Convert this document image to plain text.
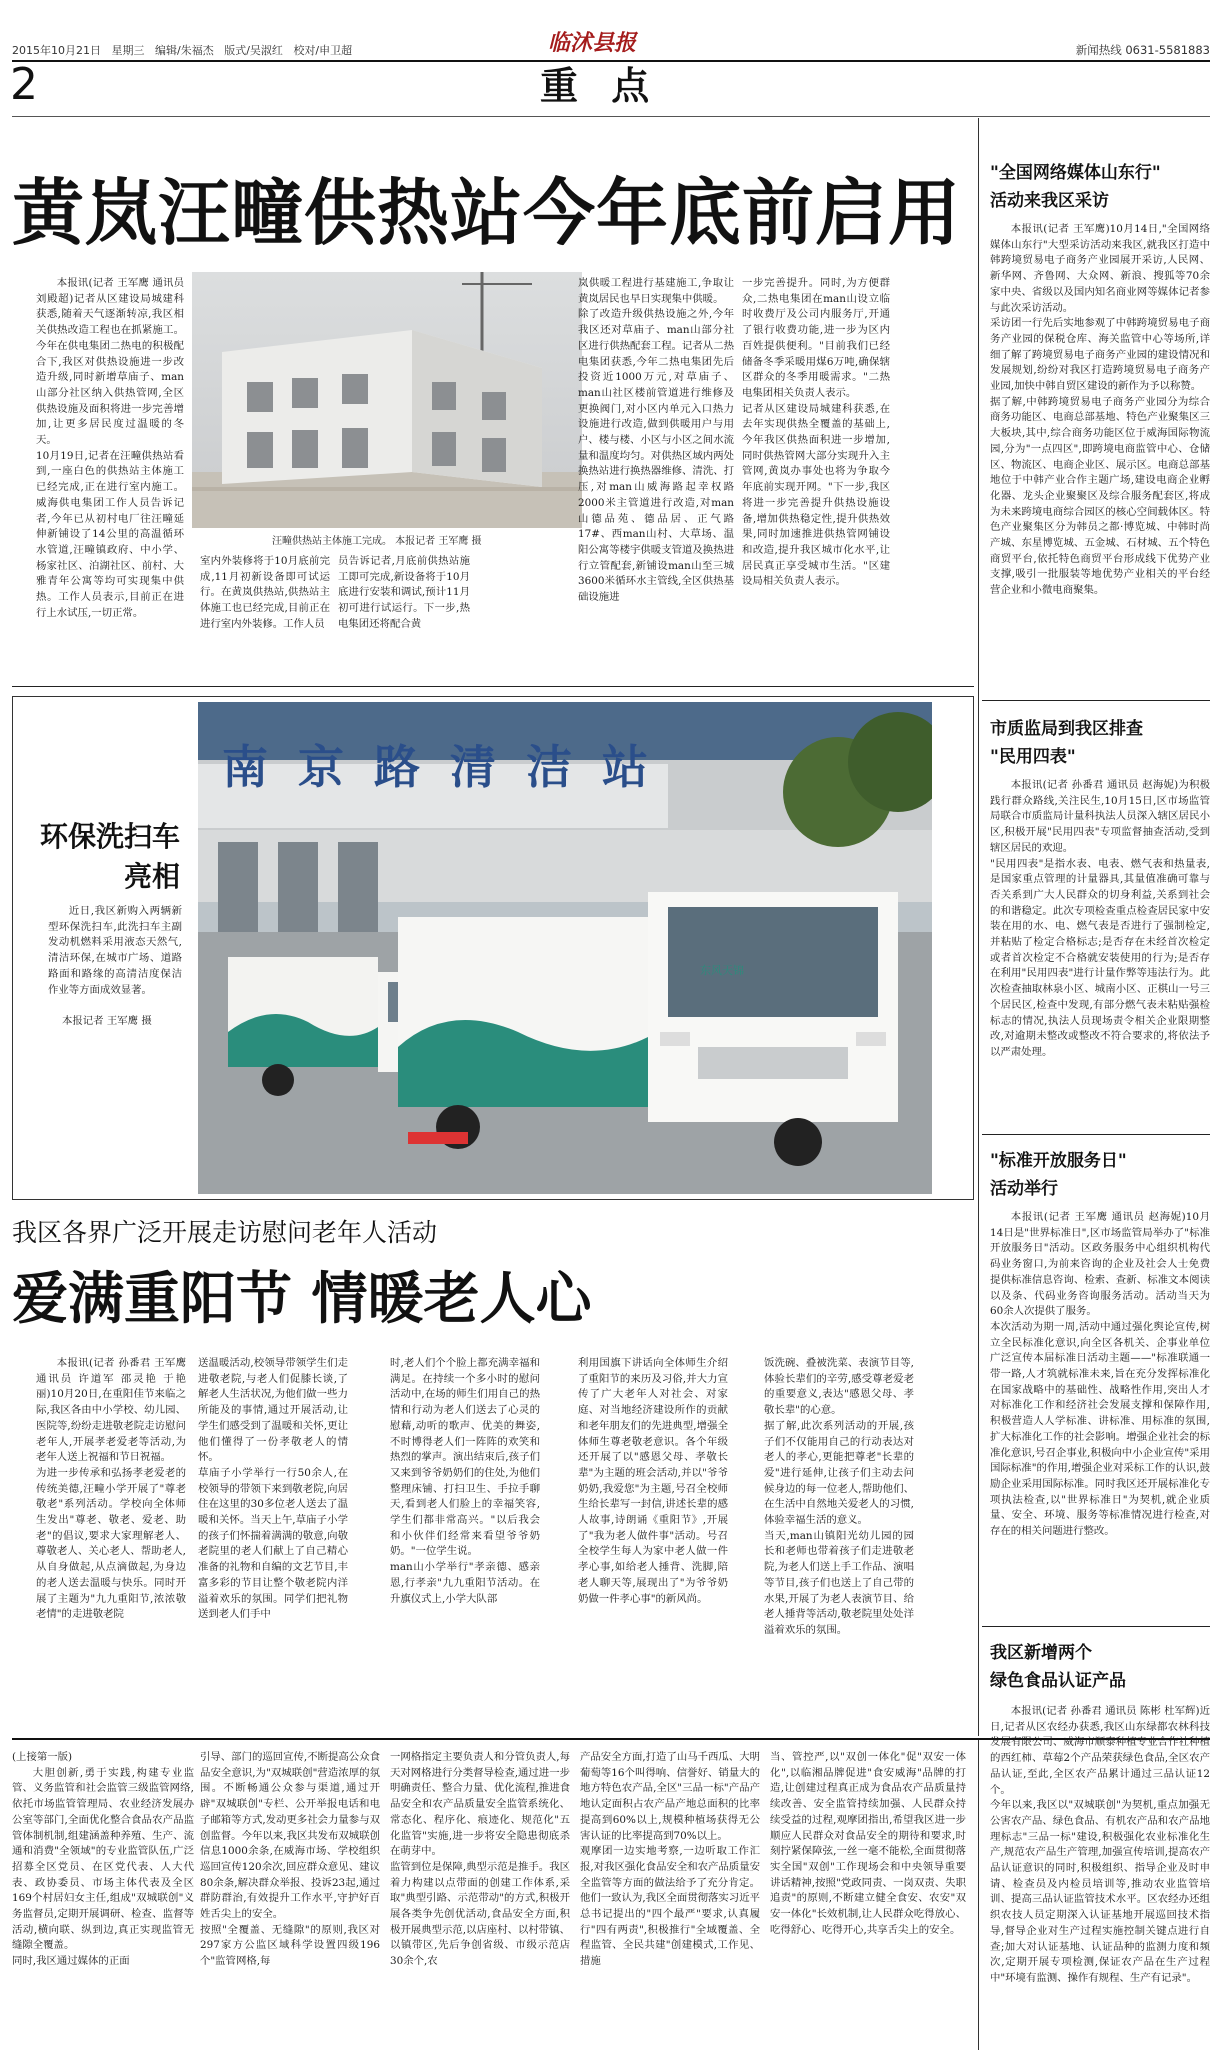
2015年10月21日 星期三 编辑/朱福杰 版式/吴淑红 校对/申卫超	临沭县报	新闻热线 0631-5581883
2	重 点
黄岚汪疃供热站今年底前启用

本报讯(记者 王军鹰 通讯员 刘殿超)记者从区建设局城建科获悉,随着天气逐渐转凉,我区相关供热改造工程也在抓紧施工。今年在供电集团二热电的积极配合下,我区对供热设施进一步改造升级,同时新增草庙子、man山部分社区纳入供热管网,全区供热设施及面积将进一步完善增加,让更多居民度过温暖的冬天。
10月19日,记者在汪疃供热站看到,一座白色的供热站主体施工已经完成,正在进行室内施工。威海供电集团工作人员告诉记者,今年已从初村电厂往汪疃延伸新铺设了14公里的高温循环水管道,汪疃镇政府、中小学、杨家社区、泊湖社区、前村、大雅青年公寓等均可实现集中供热。工作人员表示,目前正在进行上水试压,一切正常。

汪疃供热站主体施工完成。 本报记者 王军鹰 摄

室内外装修将于10月底前完成,11月初新设备即可试运行。在黄岚供热站,供热站主体施工也已经完成,目前正在进行室内外装修。工作人员

员告诉记者,月底前供热站施工即可完成,新设备将于10月底进行安装和调试,预计11月初可进行试运行。下一步,热电集团还将配合黄

岚供暖工程进行基建施工,争取让黄岚居民也早日实现集中供暖。
除了改造升级供热设施之外,今年我区还对草庙子、man山部分社区进行供热配套工程。记者从二热电集团获悉,今年二热电集团先后投资近1000万元,对草庙子、man山社区楼前管道进行维修及更换阀门,对小区内单元入口热力设施进行改造,做到供暖用户与用户、楼与楼、小区与小区之间水流量和温度均匀。对供热区域内两处换热站进行换热器维修、清洗、打压,对man山威海路起幸权路2000米主管道进行改造,对man山德品苑、德品居、正气路17#、西man山村、大草场、温阳公寓等楼宇供暖支管道及换热进行立管配套,新铺设man山至三城3600米循环水主管线,全区供热基础设施进

一步完善提升。同时,为方便群众,二热电集团在man山设立临时收费厅及公司内服务厅,开通了银行收费功能,进一步为区内百姓提供便利。"目前我们已经储备冬季采暖用煤6万吨,确保辖区群众的冬季用暖需求。"二热电集团相关负责人表示。
记者从区建设局城建科获悉,在去年实现供热全覆盖的基础上,今年我区供热面积进一步增加,同时供热管网大部分实现升入主管网,黄岚办事处也将为争取今年底前实现开网。"下一步,我区将进一步完善提升供热设施设备,增加供热稳定性,提升供热效果,同时加速推进供热管网铺设和改造,提升我区城市化水平,让居民真正享受城市生活。"区建设局相关负责人表示。

南京路清洁站
东风天锦
环保洗扫车
亮相

近日,我区新购入两辆新型环保洗扫车,此洗扫车主副发动机燃料采用液态天然气,清洁环保,在城市广场、道路路面和路缘的高清洁度保洁作业等方面成效显著。

本报记者 王军鹰 摄
我区各界广泛开展走访慰问老年人活动
爱满重阳节 情暖老人心

本报讯(记者 孙番君 王军鹰 通讯员 许道军 邵灵艳 于艳丽)10月20日,在重阳佳节来临之际,我区各由中小学校、幼儿园、医院等,纷纷走进敬老院走访慰问老年人,开展孝老爱老等活动,为老年人送上祝福和节日祝福。
为进一步传承和弘扬孝老爱老的传统美德,汪疃小学开展了"尊老敬老"系列活动。学校向全体师生发出"尊老、敬老、爱老、助老"的倡议,要求大家理解老人、尊敬老人、关心老人、帮助老人,从自身做起,从点滴做起,为身边的老人送去温暖与快乐。同时开展了主题为"九九重阳节,浓浓敬老情"的走进敬老院

送温暖活动,校领导带领学生们走进敬老院,与老人们促膝长谈,了解老人生活状况,为他们做一些力所能及的事情,通过开展活动,让学生们感受到了温暖和关怀,更让他们懂得了一份孝敬老人的情怀。
草庙子小学举行一行50余人,在校领导的带领下来到敬老院,向居住在这里的30多位老人送去了温暖和关怀。当天上午,草庙子小学的孩子们怀揣着满满的敬意,向敬老院里的老人们献上了自己精心准备的礼物和自编的文艺节目,丰富多彩的节目让整个敬老院内洋溢着欢乐的氛围。同学们把礼物送到老人们手中

时,老人们个个脸上都充满幸福和满足。在持续一个多小时的慰问活动中,在场的师生们用自己的热情和行动为老人们送去了心灵的慰藉,动听的歌声、优美的舞姿,不时博得老人们一阵阵的欢笑和热烈的掌声。演出结束后,孩子们又来到爷爷奶奶们的住处,为他们整理床铺、打扫卫生、手拉手聊天,看到老人们脸上的幸福笑容,学生们都非常高兴。"以后我会和小伙伴们经常来看望爷爷奶奶。"一位学生说。
man山小学举行"孝亲德、感亲恩,行孝亲"九九重阳节活动。在升旗仪式上,小学大队部

利用国旗下讲话向全体师生介绍了重阳节的来历及习俗,并大力宣传了广大老年人对社会、对家庭、对当地经济建设所作的贡献和老年朋友们的先进典型,增强全体师生尊老敬老意识。各个年级还开展了以"感恩父母、孝敬长辈"为主题的班会活动,并以"爷爷奶奶,我爱您"为主题,号召全校师生给长辈写一封信,讲述长辈的感人故事,诗朗诵《重阳节》,开展了"我为老人做件事"活动。号召全校学生每人为家中老人做一件孝心事,如给老人捶背、洗脚,陪老人聊天等,展现出了"为爷爷奶奶做一件孝心事"的新风尚。

饭洗碗、叠被洗菜、表演节目等,体验长辈们的辛劳,感受尊老爱老的重要意义,表达"感恩父母、孝敬长辈"的心意。
据了解,此次系列活动的开展,孩子们不仅能用自己的行动表达对老人的孝心,更能把尊老"长辈的爱"进行延伸,让孩子们主动去问候身边的每一位老人,帮助他们、在生活中自然地关爱老人的习惯,体验幸福生活的意义。
当天,man山镇阳光幼儿园的园长和老师也带着孩子们走进敬老院,为老人们送上手工作品、演唱等节目,孩子们也送上了自己带的水果,开展了为老人表演节目、给老人捶背等活动,敬老院里处处洋溢着欢乐的氛围。

(上接第一版)

大胆创新,勇于实践,构建专业监管、义务监管和社会监管三级监管网络,依托市场监管管理局、农业经济发展办公室等部门,全面优化整合食品农产品监管体制机制,组建涵盖种养殖、生产、流通和消费"全领域"的专业监管队伍,广泛招募全区党员、在区党代表、人大代表、政协委员、市场主体代表及全区169个村居妇女主任,组成"双城联创"义务监督员,定期开展调研、检查、监督等活动,横向联、纵到边,真正实现监管无缝隙全覆盖。
同时,我区通过媒体的正面

引导、部门的巡回宣传,不断提高公众食品安全意识,为"双城联创"营造浓厚的氛围。不断畅通公众参与渠道,通过开辟"双城联创"专栏、公开举报电话和电子邮箱等方式,发动更多社会力量参与双创监督。今年以来,我区共发布双城联创信息1000余条,在威海市场、学校组织巡回宣传120余次,回应群众意见、建议80余条,解决群众举报、投诉23起,通过群防群治,有效提升工作水平,守护好百姓舌尖上的安全。
按照"全覆盖、无缝隙"的原则,我区对297家方公监区域科学设置四级196个"监管网格,每

一网格指定主要负责人和分管负责人,每天对网格进行分类督导检查,通过进一步明确责任、整合力量、优化流程,推进食品安全和农产品质量安全监管系统化、常态化、程序化、痕迹化、规范化"五化监管"实施,进一步将安全隐患彻底杀在萌芽中。
监管到位是保障,典型示范是推手。我区着力构建以点带面的创建工作体系,采取"典型引路、示范带动"的方式,积极开展各类争先创优活动,食品安全方面,积极开展典型示范,以店座村、以村带镇、以镇带区,先后争创省级、市级示范店30余个,农

产品安全方面,打造了山马千西瓜、大明葡萄等16个叫得响、信誉好、销量大的地方特色农产品,全区"三品一标"产品产地认定面积占农产品产地总面积的比率提高到60%以上,规模种植场获得无公害认证的比率提高到70%以上。
观摩团一边实地考察,一边听取工作汇报,对我区强化食品安全和农产品质量安全监管等方面的做法给予了充分肯定。他们一致认为,我区全面贯彻落实习近平总书记提出的"四个最严"要求,认真履行"四有两责",积极推行"全域覆盖、全程监管、全民共建"创建模式,工作见、措施

当、管控严,以"双创一体化"促"双安一体化",以临湘品牌促进"食安威海"品牌的打造,让创建过程真正成为食品农产品质量持续改善、安全监管持续加强、人民群众持续受益的过程,观摩团指出,希望我区进一步顺应人民群众对食品安全的期待和要求,时刻拧紧保障弦,一丝一毫不能松,全面贯彻落实全国"双创"工作现场会和中央领导重要讲话精神,按照"党政同责、一岗双责、失职追责"的原则,不断建立健全食安、农安"双安一体化"长效机制,让人民群众吃得放心、吃得舒心、吃得开心,共享舌尖上的安全。

"全国网络媒体山东行"
活动来我区采访

本报讯(记者 王军鹰)10月14日,"全国网络媒体山东行"大型采访活动来我区,就我区打造中韩跨境贸易电子商务产业园展开采访,人民网、新华网、齐鲁网、大众网、新浪、搜狐等70余家中央、省级以及国内知名商业网等媒体记者参与此次采访活动。
采访团一行先后实地参观了中韩跨境贸易电子商务产业园的保税仓库、海关监管中心等场所,详细了解了跨境贸易电子商务产业园的建设情况和发展规划,纷纷对我区打造跨境贸易电子商务产业园,加快中韩自贸区建设的新作为予以称赞。
据了解,中韩跨境贸易电子商务产业园分为综合商务功能区、电商总部基地、特色产业聚集区三大板块,其中,综合商务功能区位于威海国际物流园,分为"一点四区",即跨境电商监管中心、仓储区、物流区、电商企业区、展示区。电商总部基地位于中韩产业合作主题广场,建设电商企业孵化器、龙头企业聚聚区及综合服务配套区,将成为未来跨境电商综合园区的核心空间载体区。特色产业聚集区分为韩员之都·博览城、中韩时尚产城、东星博览城、五金城、石材城、五个特色商贸平台,依托特色商贸平台形成线下优势产业支撑,吸引一批服装等地优势产业相关的平台经营企业和小微电商聚集。

市质监局到我区排查
"民用四表"

本报讯(记者 孙番君 通讯员 赵海妮)为积极践行群众路线,关注民生,10月15日,区市场监管局联合市质监局计量科执法人员深入辖区居民小区,积极开展"民用四表"专项监督抽查活动,受到辖区居民的欢迎。
"民用四表"是指水表、电表、燃气表和热量表,是国家重点管理的计量器具,其量值准确可靠与否关系到广大人民群众的切身利益,关系到社会的和谐稳定。此次专项检查重点检查居民家中安装在用的水、电、燃气表是否进行了强制检定,并粘贴了检定合格标志;是否存在未经首次检定或者首次检定不合格就安装使用的行为;是否存在利用"民用四表"进行计量作弊等违法行为。此次检查抽取林泉小区、城南小区、正棋山一号三个居民区,检查中发现,有部分燃气表未粘贴强检标志的情况,执法人员现场责令相关企业限期整改,对逾期未整改或整改不符合要求的,将依法予以严肃处理。

"标准开放服务日"
活动举行

本报讯(记者 王军鹰 通讯员 赵海妮)10月14日是"世界标准日",区市场监管局举办了"标准开放服务日"活动。区政务服务中心组织机构代码业务窗口,为前来咨询的企业及社会人士免费提供标准信息咨询、检索、查新、标准文本阅读以及条、代码业务咨询服务活动。活动当天为60余人次提供了服务。
本次活动为期一周,活动中通过强化舆论宣传,树立全民标准化意识,向全区各机关、企事业单位广泛宣传本届标准日活动主题——"标准联通一带一路,人才筑就标准未来,旨在充分发挥标准化在国家战略中的基础性、战略性作用,突出人才对标准化工作和经济社会发展支撑和保障作用,积极营造人人学标准、讲标准、用标准的氛围,扩大标准化工作的社会影响。增强企业社会的标准化意识,号召企事业,积极向中小企业宣传"采用国际标准"的作用,增强企业对采标工作的认识,鼓励企业采用国际标准。同时我区还开展标准化专项执法检查,以"世界标准日"为契机,就企业质量、安全、环境、服务等标准情况进行检查,对存在的相关问题进行整改。

我区新增两个
绿色食品认证产品

本报讯(记者 孙番君 通讯员 陈彬 杜军辉)近日,记者从区农经办获悉,我区山东绿都农林科技发展有限公司、威海市顺泰种植专业合作社种植的西红柿、草莓2个产品荣获绿色食品,全区农产品认证,至此,全区农产品累计通过三品认证12个。
今年以来,我区以"双城联创"为契机,重点加强无公害农产品、绿色食品、有机农产品和农产品地理标志"三品一标"建设,积极强化农业标准化生产,规范农产品生产管理,加强宣传培训,提高农产品认证意识的同时,积极组织、指导企业及时申请、检查员及内检员培训等,推动农业监管培训、提高三品认证监管技术水平。区农经办还组织农技人员定期深入认证基地开展巡回技术指导,督导企业对生产过程实施控制关键点进行自查;加大对认证基地、认证品种的监测力度和频次,定期开展专项检测,保证农产品在生产过程中"环境有监测、操作有规程、生产有记录"。
